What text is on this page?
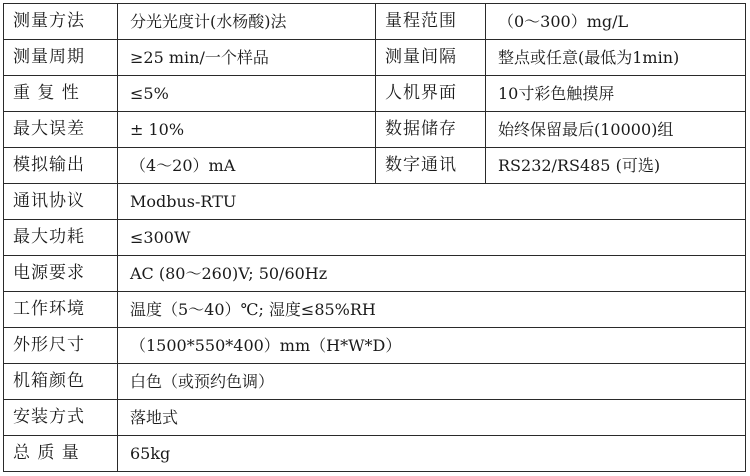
测量方法	分光光度计(水杨酸)法	量程范围	（0～300）mg/L
测量周期	≥25 min/一个样品	测量间隔	整点或任意(最低为1min)
重 复 性	≤5%	人机界面	10寸彩色触摸屏
最大误差	± 10%	数据储存	始终保留最后(10000)组
模拟输出	（4～20）mA	数字通讯	RS232/RS485 (可选)
通讯协议	Modbus-RTU		
最大功耗	≤300W		
电源要求	AC (80～260)V; 50/60Hz		
工作环境	温度（5～40）℃; 湿度≤85%RH		
外形尺寸	（1500*550*400）mm（H*W*D）		
机箱颜色	白色（或预约色调）		
安装方式	落地式		
总 质 量	65kg		
